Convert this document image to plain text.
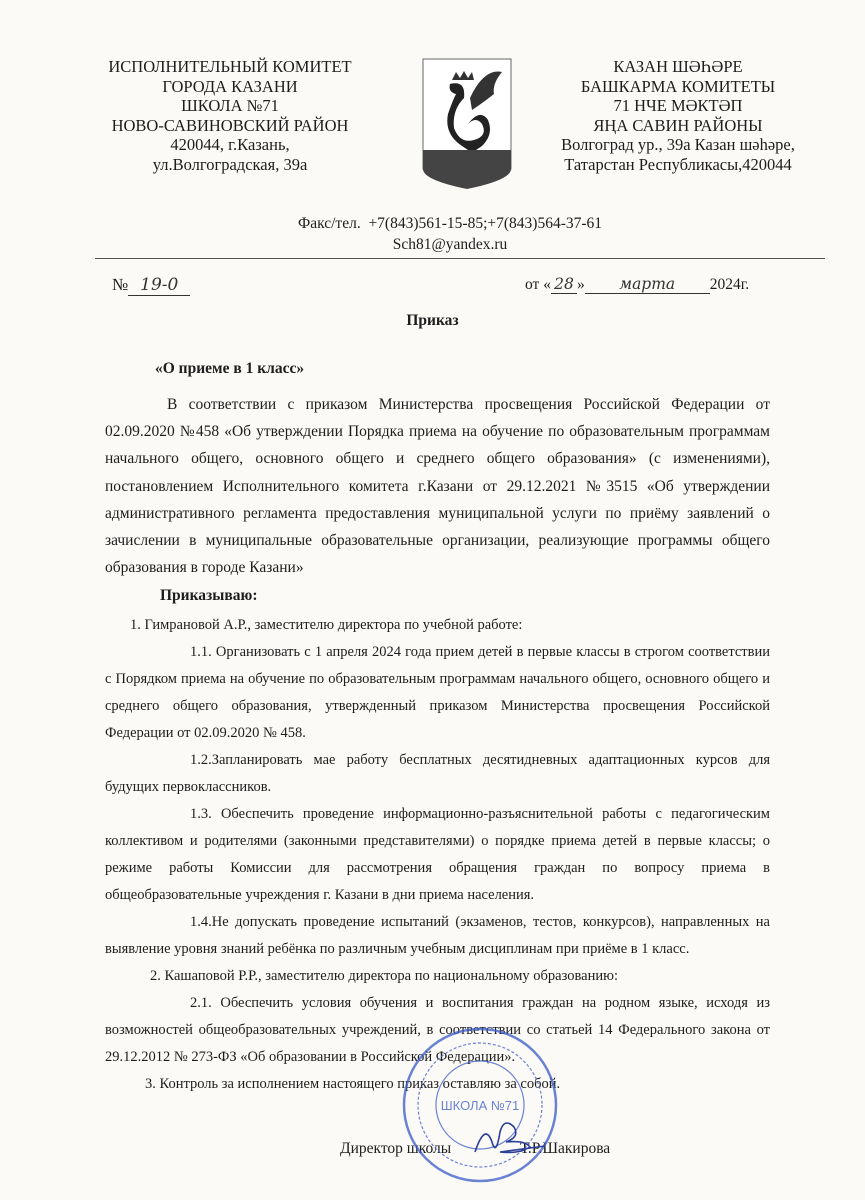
ИСПОЛНИТЕЛЬНЫЙ КОМИТЕТ
ГОРОДА КАЗАНИ
ШКОЛА №71
НОВО-САВИНОВСКИЙ РАЙОН
420044, г.Казань,
ул.Волгоградская, 39а
КАЗАН ШӘҺӘРЕ
БАШКАРМА КОМИТЕТЫ
71 НЧЕ МӘКТӘП
ЯҢА САВИН РАЙОНЫ
Волгоград ур., 39а Казан шәһәре,
Татарстан Республикасы,420044
Факс/тел.  +7(843)561-15-85;+7(843)564-37-61
Sch81@yandex.ru
№ 19-0	от « 28 » марта 2024г.
Приказ
«О приеме в 1 класс»
В соответствии с приказом Министерства просвещения Российской Федерации от 02.09.2020 №458 «Об утверждении Порядка приема на обучение по образовательным программам начального общего, основного общего и среднего общего образования» (с изменениями), постановлением Исполнительного комитета г.Казани от 29.12.2021 №3515 «Об утверждении административного регламента предоставления муниципальной услуги по приёму заявлений о зачислении в муниципальные образовательные организации, реализующие программы общего образования в городе Казани»
Приказываю:

1. Гимрановой А.Р., заместителю директора по учебной работе:

1.1. Организовать с 1 апреля 2024 года прием детей в первые классы в строгом соответствии с Порядком приема на обучение по образовательным программам начального общего, основного общего и среднего общего образования, утвержденный приказом Министерства просвещения Российской Федерации от 02.09.2020 № 458.

1.2.Запланировать мае работу бесплатных десятидневных адаптационных курсов для будущих первоклассников.

1.3. Обеспечить проведение информационно-разъяснительной работы с педагогическим коллективом и родителями (законными представителями) о порядке приема детей в первые классы; о режиме работы Комиссии для рассмотрения обращения граждан по вопросу приема в общеобразовательные учреждения г. Казани в дни приема населения.

1.4.Не допускать проведение испытаний (экзаменов, тестов, конкурсов), направленных на выявление уровня знаний ребёнка по различным учебным дисциплинам при приёме в 1 класс.

2. Кашаповой Р.Р., заместителю директора по национальному образованию:

2.1. Обеспечить условия обучения и воспитания граждан на родном языке, исходя из возможностей общеобразовательных учреждений, в соответствии со статьей 14 Федерального закона от 29.12.2012 № 273-ФЗ «Об образовании в Российской Федерации».

3. Контроль за исполнением настоящего приказ оставляю за собой.

Директор школы	Т.Р.Шакирова
ШКОЛА №71
